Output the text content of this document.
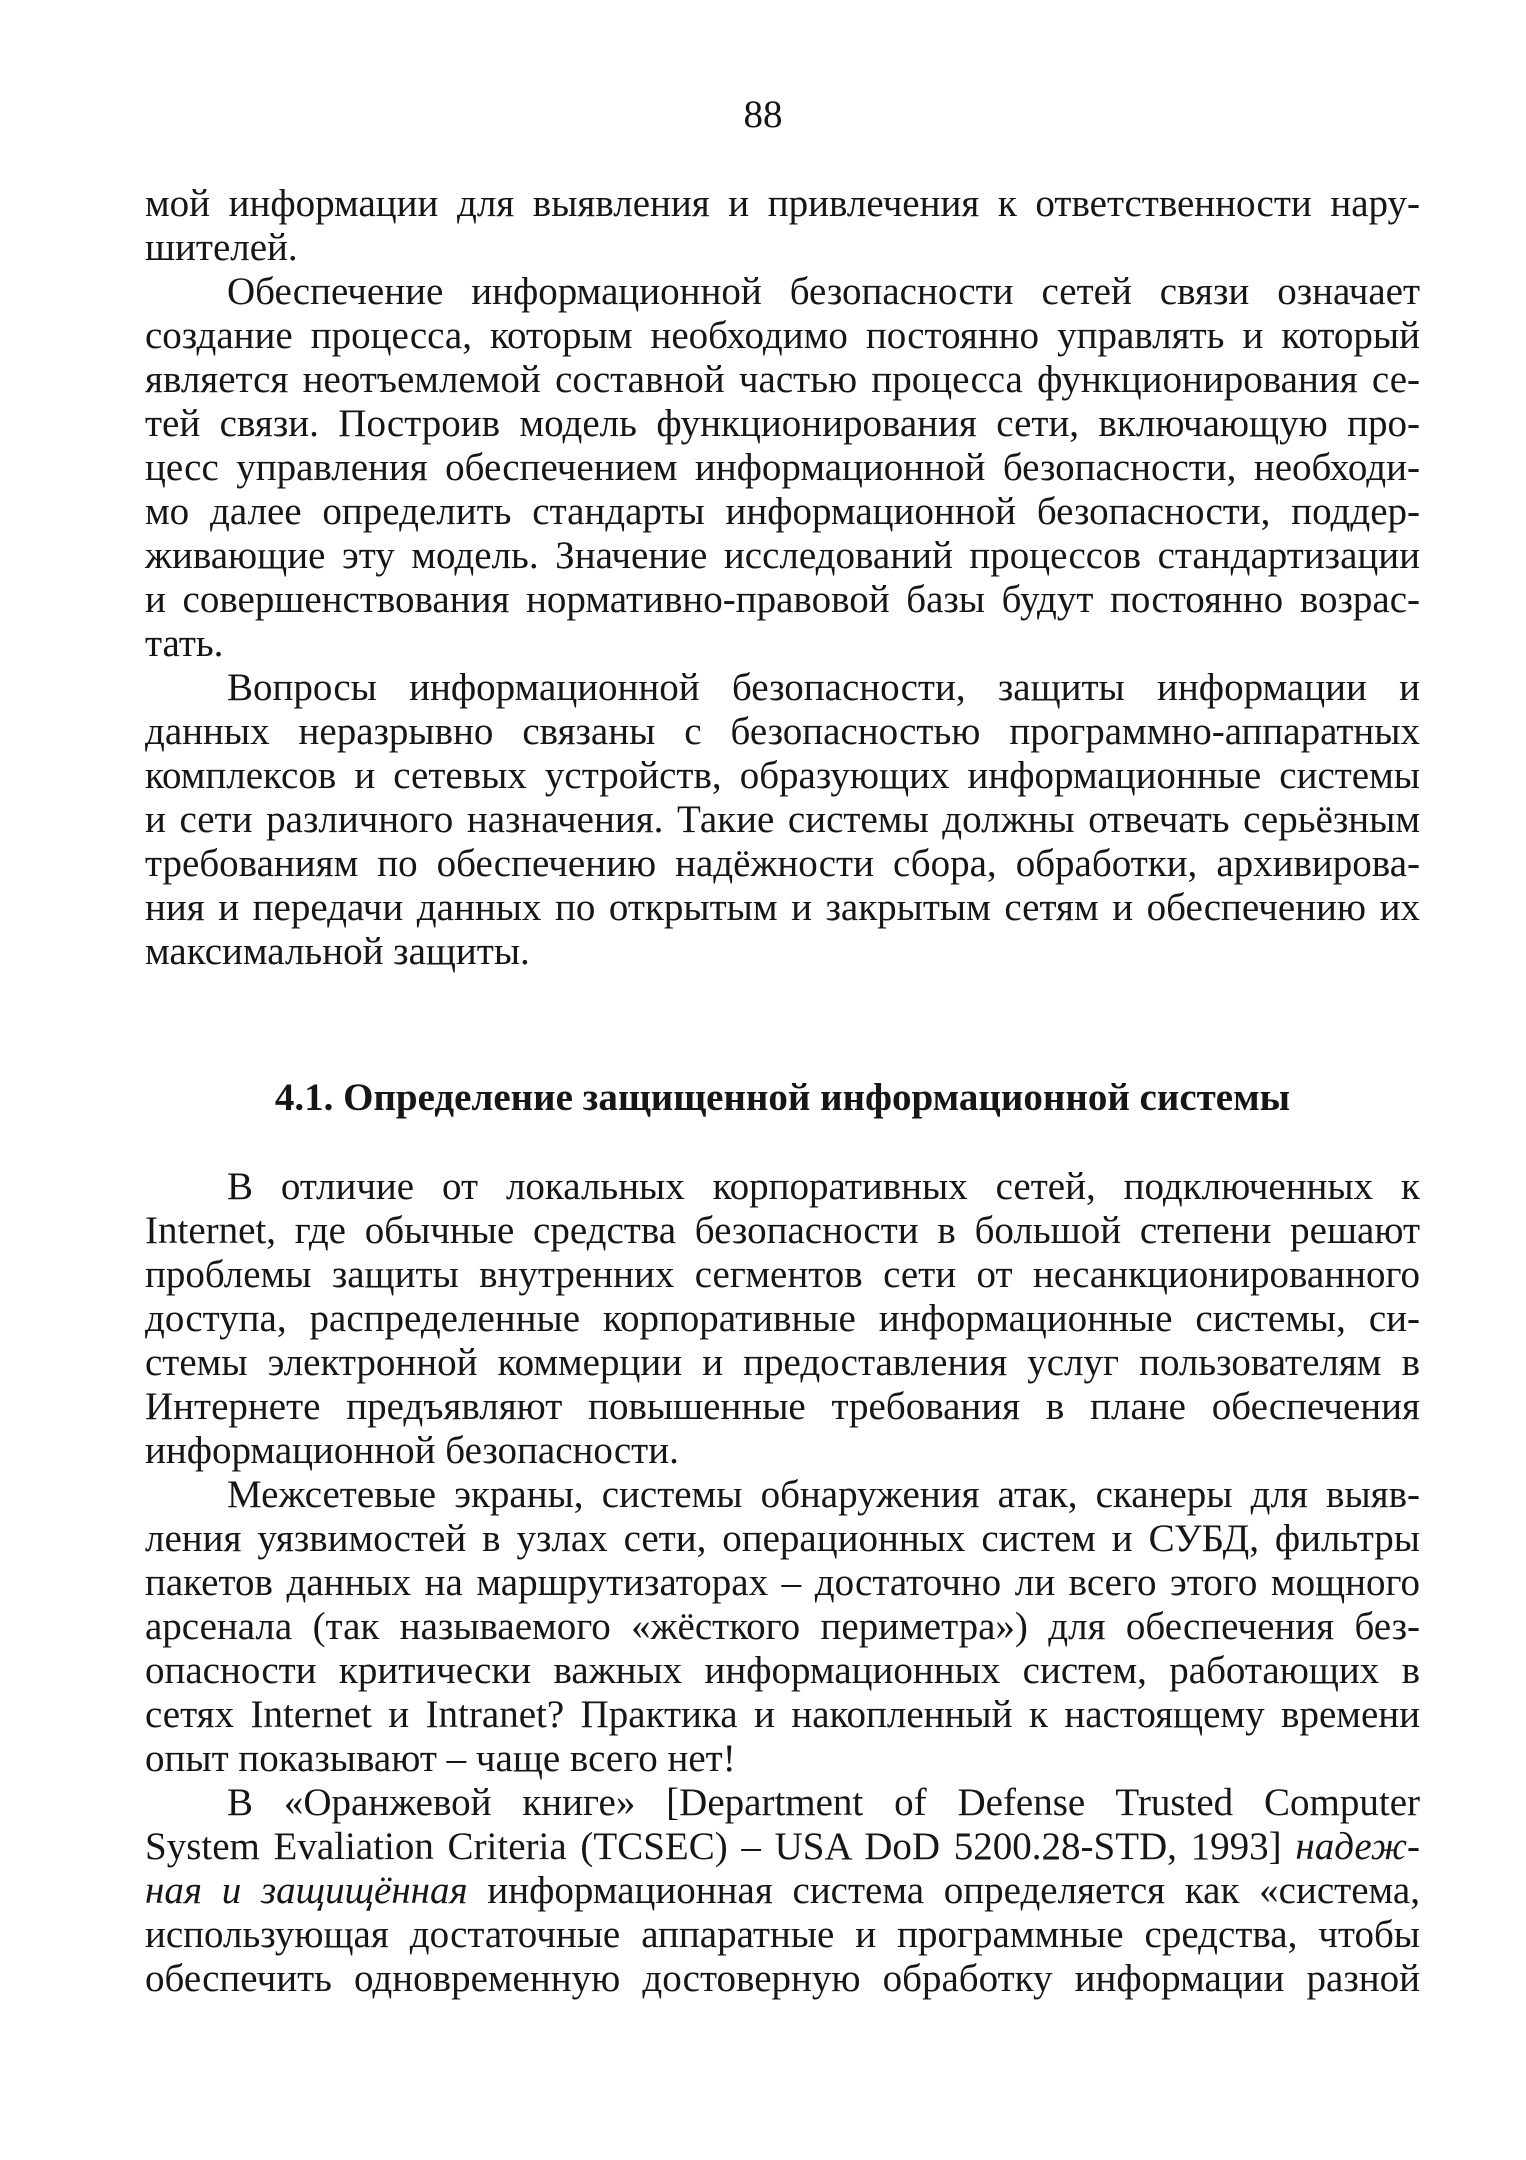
88
мой информации для выявления и привлечения к ответственности нару-
шителей.
Обеспечение информационной безопасности сетей связи означает
создание процесса, которым необходимо постоянно управлять и который
является неотъемлемой составной частью процесса функционирования се-
тей связи. Построив модель функционирования сети, включающую про-
цесс управления обеспечением информационной безопасности, необходи-
мо далее определить стандарты информационной безопасности, поддер-
живающие эту модель. Значение исследований процессов стандартизации
и совершенствования нормативно-правовой базы будут постоянно возрас-
тать.
Вопросы информационной безопасности, защиты информации и
данных неразрывно связаны с безопасностью программно-аппаратных
комплексов и сетевых устройств, образующих информационные системы
и сети различного назначения. Такие системы должны отвечать серьёзным
требованиям по обеспечению надёжности сбора, обработки, архивирова-
ния и передачи данных по открытым и закрытым сетям и обеспечению их
максимальной защиты.
4.1. Определение защищенной информационной системы
В отличие от локальных корпоративных сетей, подключенных к
Internet, где обычные средства безопасности в большой степени решают
проблемы защиты внутренних сегментов сети от несанкционированного
доступа, распределенные корпоративные информационные системы, си-
стемы электронной коммерции и предоставления услуг пользователям в
Интернете предъявляют повышенные требования в плане обеспечения
информационной безопасности.
Межсетевые экраны, системы обнаружения атак, сканеры для выяв-
ления уязвимостей в узлах сети, операционных систем и СУБД, фильтры
пакетов данных на маршрутизаторах – достаточно ли всего этого мощного
арсенала (так называемого «жёсткого периметра») для обеспечения без-
опасности критически важных информационных систем, работающих в
сетях Internet и Intranet? Практика и накопленный к настоящему времени
опыт показывают – чаще всего нет!
В «Оранжевой книге» [Department of Defense Trusted Computer
System Evaliation Criteria (TCSEC) – USA DoD 5200.28-STD, 1993] надеж-
ная и защищённая информационная система определяется как «система,
использующая достаточные аппаратные и программные средства, чтобы
обеспечить одновременную достоверную обработку информации разной
